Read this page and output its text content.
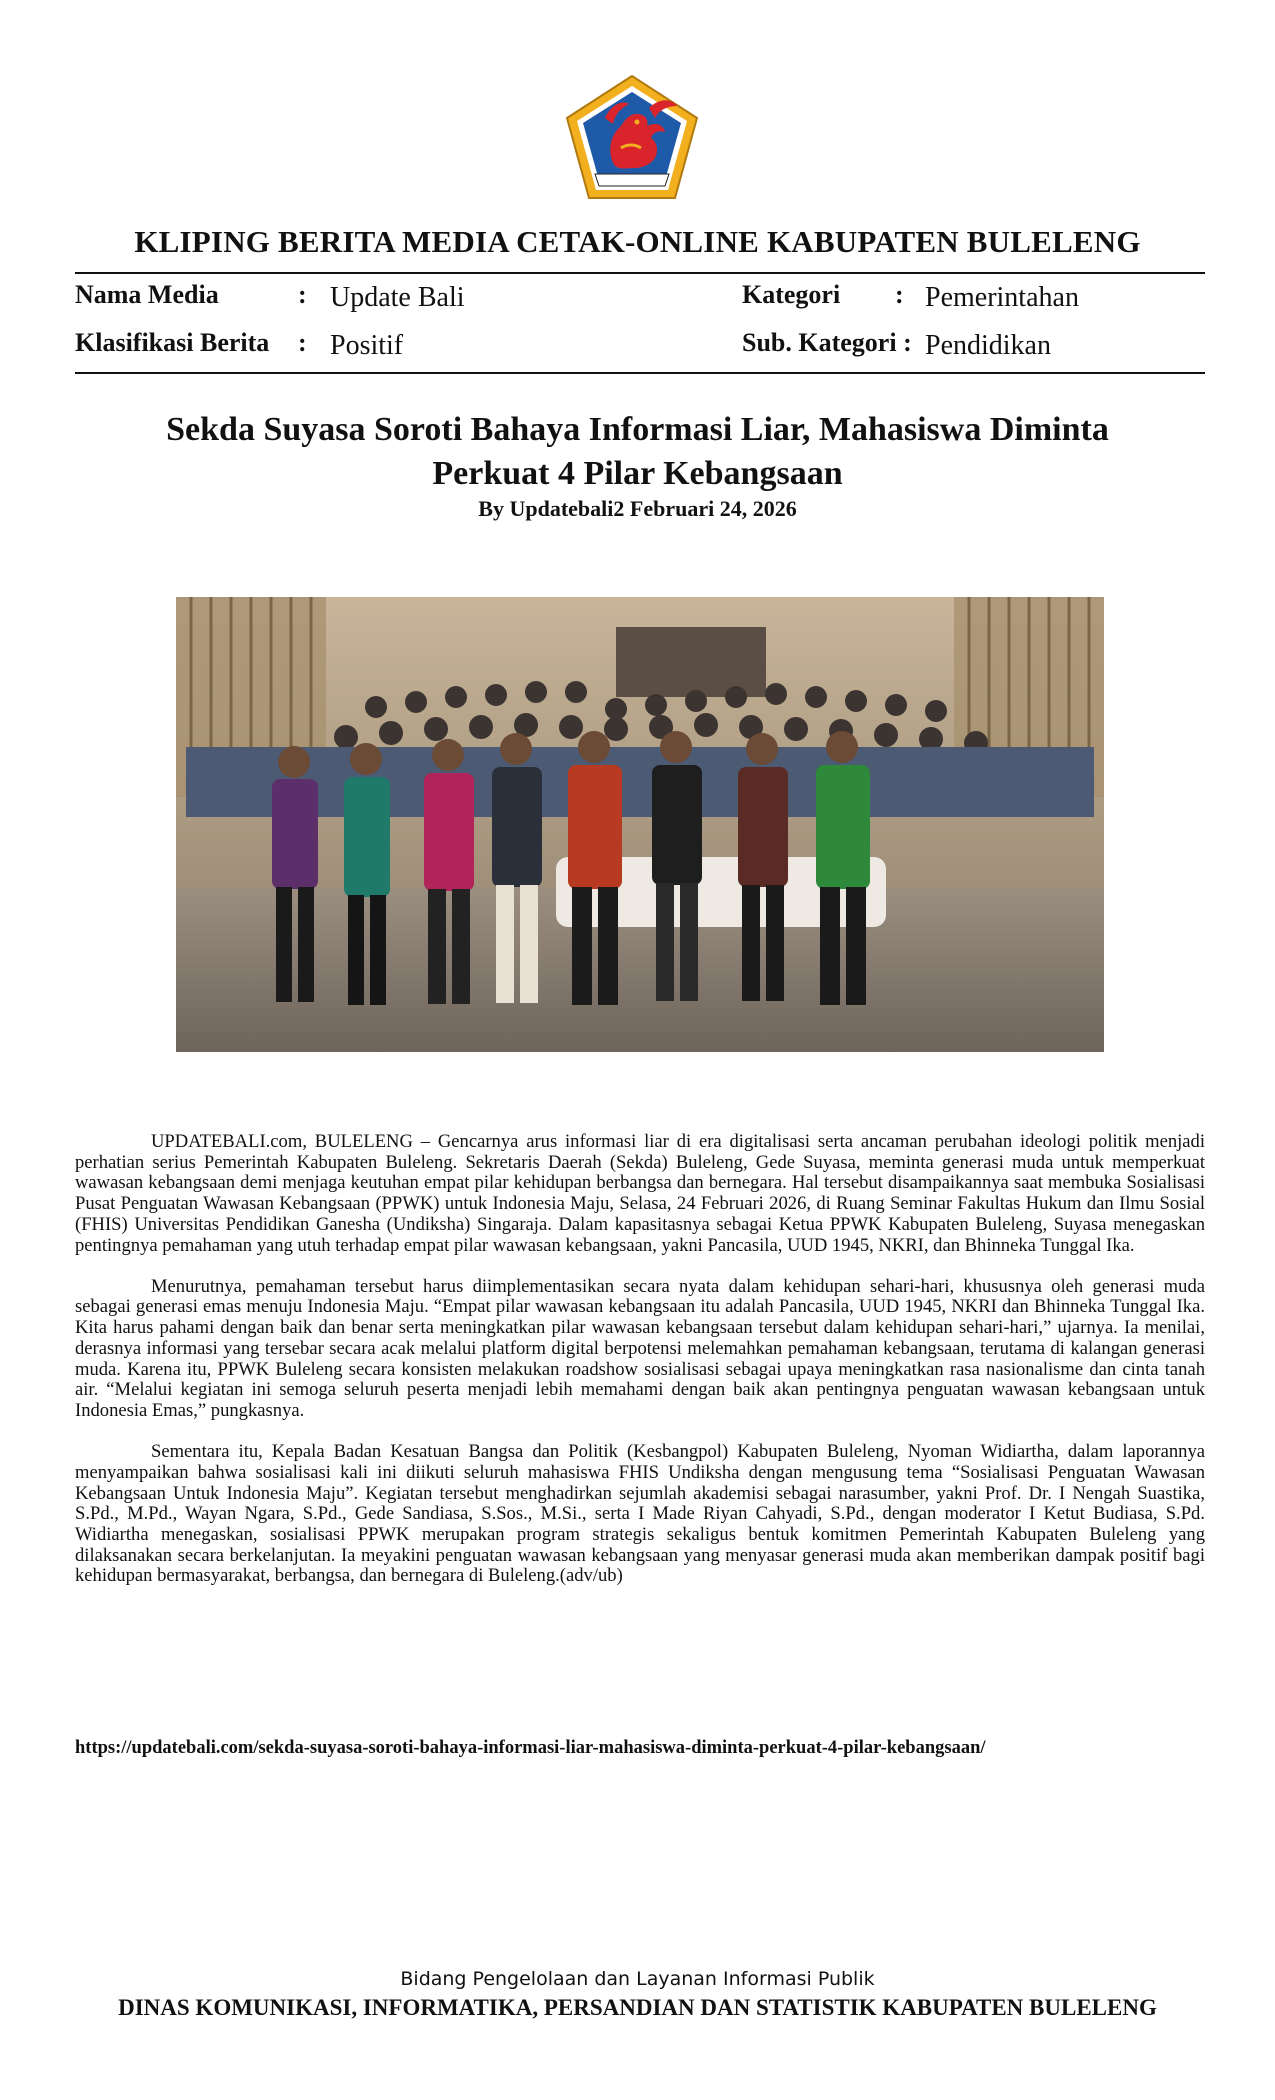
KLIPING BERITA MEDIA CETAK-ONLINE KABUPATEN BULELENG
Nama Media	: Update Bali
Klasifikasi Berita : Positif
Kategori : Pemerintahan
Sub. Kategori : Pendidikan
Sekda Suyasa Soroti Bahaya Informasi Liar, Mahasiswa Diminta Perkuat 4 Pilar Kebangsaan
By Updatebali2 Februari 24, 2026

UPDATEBALI.com, BULELENG – Gencarnya arus informasi liar di era digitalisasi serta ancaman perubahan ideologi politik menjadi perhatian serius Pemerintah Kabupaten Buleleng. Sekretaris Daerah (Sekda) Buleleng, Gede Suyasa, meminta generasi muda untuk memperkuat wawasan kebangsaan demi menjaga keutuhan empat pilar kehidupan berbangsa dan bernegara. Hal tersebut disampaikannya saat membuka Sosialisasi Pusat Penguatan Wawasan Kebangsaan (PPWK) untuk Indonesia Maju, Selasa, 24 Februari 2026, di Ruang Seminar Fakultas Hukum dan Ilmu Sosial (FHIS) Universitas Pendidikan Ganesha (Undiksha) Singaraja. Dalam kapasitasnya sebagai Ketua PPWK Kabupaten Buleleng, Suyasa menegaskan pentingnya pemahaman yang utuh terhadap empat pilar wawasan kebangsaan, yakni Pancasila, UUD 1945, NKRI, dan Bhinneka Tunggal Ika.

Menurutnya, pemahaman tersebut harus diimplementasikan secara nyata dalam kehidupan sehari-hari, khususnya oleh generasi muda sebagai generasi emas menuju Indonesia Maju. “Empat pilar wawasan kebangsaan itu adalah Pancasila, UUD 1945, NKRI dan Bhinneka Tunggal Ika. Kita harus pahami dengan baik dan benar serta meningkatkan pilar wawasan kebangsaan tersebut dalam kehidupan sehari-hari,” ujarnya. Ia menilai, derasnya informasi yang tersebar secara acak melalui platform digital berpotensi melemahkan pemahaman kebangsaan, terutama di kalangan generasi muda. Karena itu, PPWK Buleleng secara konsisten melakukan roadshow sosialisasi sebagai upaya meningkatkan rasa nasionalisme dan cinta tanah air. “Melalui kegiatan ini semoga seluruh peserta menjadi lebih memahami dengan baik akan pentingnya penguatan wawasan kebangsaan untuk Indonesia Emas,” pungkasnya.

Sementara itu, Kepala Badan Kesatuan Bangsa dan Politik (Kesbangpol) Kabupaten Buleleng, Nyoman Widiartha, dalam laporannya menyampaikan bahwa sosialisasi kali ini diikuti seluruh mahasiswa FHIS Undiksha dengan mengusung tema “Sosialisasi Penguatan Wawasan Kebangsaan Untuk Indonesia Maju”. Kegiatan tersebut menghadirkan sejumlah akademisi sebagai narasumber, yakni Prof. Dr. I Nengah Suastika, S.Pd., M.Pd., Wayan Ngara, S.Pd., Gede Sandiasa, S.Sos., M.Si., serta I Made Riyan Cahyadi, S.Pd., dengan moderator I Ketut Budiasa, S.Pd. Widiartha menegaskan, sosialisasi PPWK merupakan program strategis sekaligus bentuk komitmen Pemerintah Kabupaten Buleleng yang dilaksanakan secara berkelanjutan. Ia meyakini penguatan wawasan kebangsaan yang menyasar generasi muda akan memberikan dampak positif bagi kehidupan bermasyarakat, berbangsa, dan bernegara di Buleleng.(adv/ub)

https://updatebali.com/sekda-suyasa-soroti-bahaya-informasi-liar-mahasiswa-diminta-perkuat-4-pilar-kebangsaan/
Bidang Pengelolaan dan Layanan Informasi Publik
DINAS KOMUNIKASI, INFORMATIKA, PERSANDIAN DAN STATISTIK KABUPATEN BULELENG
